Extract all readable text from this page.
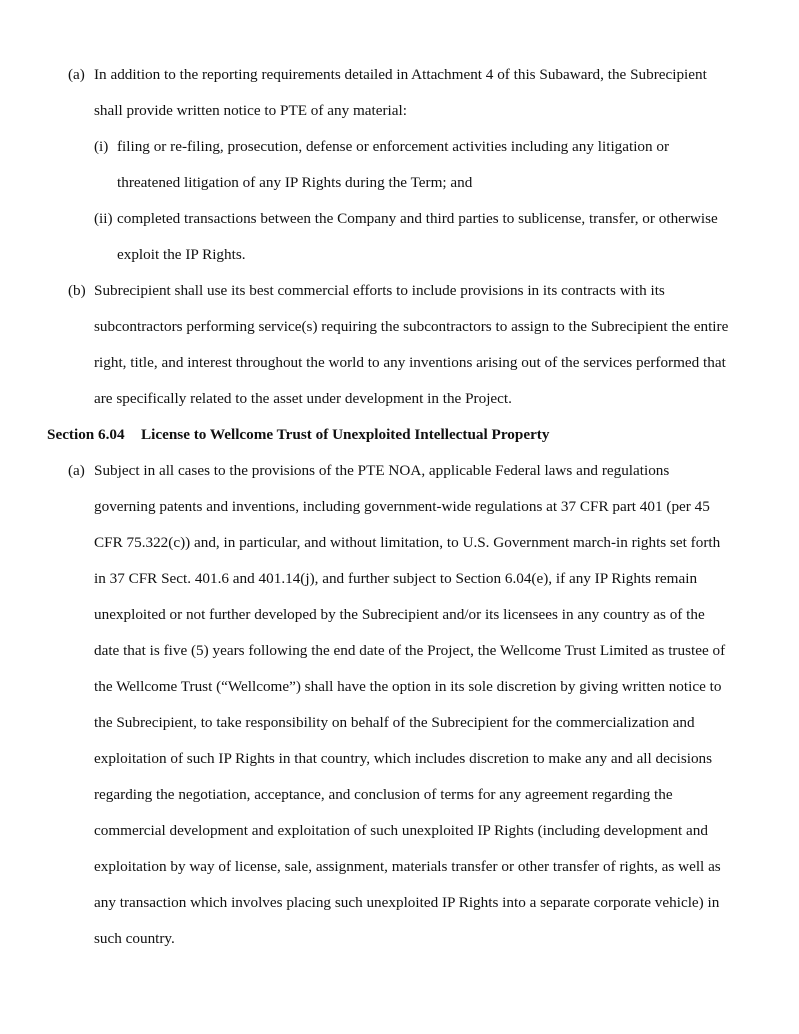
(a) In addition to the reporting requirements detailed in Attachment 4 of this Subaward, the Subrecipient
shall provide written notice to PTE of any material:
(i) filing or re-filing, prosecution, defense or enforcement activities including any litigation or
threatened litigation of any IP Rights during the Term; and
(ii) completed transactions between the Company and third parties to sublicense, transfer, or otherwise
exploit the IP Rights.
(b) Subrecipient shall use its best commercial efforts to include provisions in its contracts with its
subcontractors performing service(s) requiring the subcontractors to assign to the Subrecipient the entire
right, title, and interest throughout the world to any inventions arising out of the services performed that
are specifically related to the asset under development in the Project.
Section 6.04 License to Wellcome Trust of Unexploited Intellectual Property
(a) Subject in all cases to the provisions of the PTE NOA, applicable Federal laws and regulations
governing patents and inventions, including government-wide regulations at 37 CFR part 401 (per 45
CFR 75.322(c)) and, in particular, and without limitation, to U.S. Government march-in rights set forth
in 37 CFR Sect. 401.6 and 401.14(j), and further subject to Section 6.04(e), if any IP Rights remain
unexploited or not further developed by the Subrecipient and/or its licensees in any country as of the
date that is five (5) years following the end date of the Project, the Wellcome Trust Limited as trustee of
the Wellcome Trust (“Wellcome”) shall have the option in its sole discretion by giving written notice to
the Subrecipient, to take responsibility on behalf of the Subrecipient for the commercialization and
exploitation of such IP Rights in that country, which includes discretion to make any and all decisions
regarding the negotiation, acceptance, and conclusion of terms for any agreement regarding the
commercial development and exploitation of such unexploited IP Rights (including development and
exploitation by way of license, sale, assignment, materials transfer or other transfer of rights, as well as
any transaction which involves placing such unexploited IP Rights into a separate corporate vehicle) in
such country.
